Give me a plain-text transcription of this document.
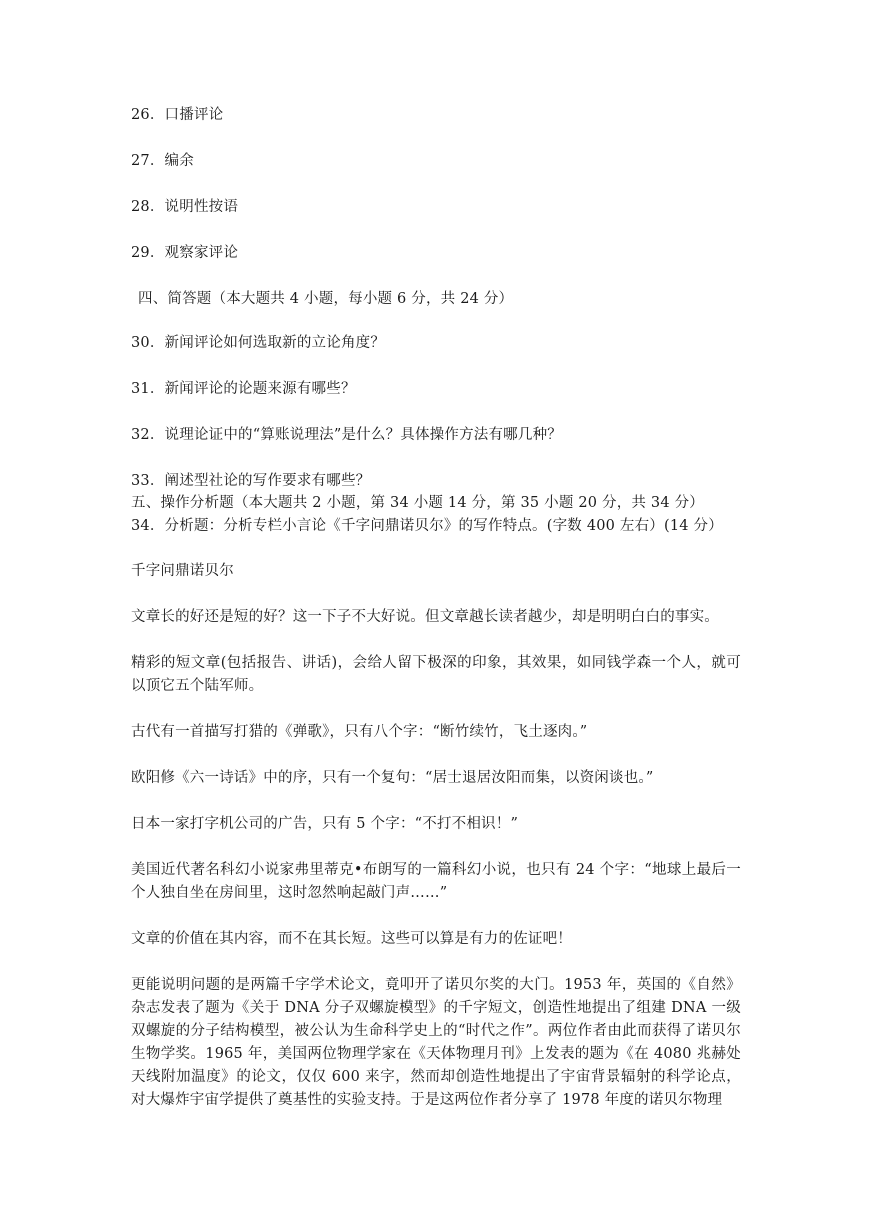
26．口播评论
27．编余
28．说明性按语
29．观察家评论
四、简答题（本大题共 4 小题，每小题 6 分，共 24 分）
30．新闻评论如何选取新的立论角度？
31．新闻评论的论题来源有哪些？
32．说理论证中的“算账说理法”是什么？具体操作方法有哪几种？
33．阐述型社论的写作要求有哪些？
五、操作分析题（本大题共 2 小题，第 34 小题 14 分，第 35 小题 20 分，共 34 分）
34．分析题：分析专栏小言论《千字问鼎诺贝尔》的写作特点。(字数 400 左右）(14 分）
千字问鼎诺贝尔
文章长的好还是短的好？这一下子不大好说。但文章越长读者越少，却是明明白白的事实。
精彩的短文章(包括报告、讲话)，会给人留下极深的印象，其效果，如同钱学森一个人，就可以顶它五个陆军师。
古代有一首描写打猎的《弹歌》，只有八个字：“断竹续竹，飞土逐肉。”
欧阳修《六一诗话》中的序，只有一个复句：“居士退居汝阳而集，以资闲谈也。”
日本一家打字机公司的广告，只有 5 个字：“不打不相识！”
美国近代著名科幻小说家弗里蒂克•布朗写的一篇科幻小说，也只有 24 个字：“地球上最后一个人独自坐在房间里，这时忽然响起敲门声……”
文章的价值在其内容，而不在其长短。这些可以算是有力的佐证吧！
更能说明问题的是两篇千字学术论文，竟叩开了诺贝尔奖的大门。1953 年，英国的《自然》杂志发表了题为《关于 DNA 分子双螺旋模型》的千字短文，创造性地提出了组建 DNA 一级双螺旋的分子结构模型，被公认为生命科学史上的“时代之作”。两位作者由此而获得了诺贝尔生物学奖。1965 年，美国两位物理学家在《天体物理月刊》上发表的题为《在 4080 兆赫处天线附加温度》的论文，仅仅 600 来字，然而却创造性地提出了宇宙背景辐射的科学论点，对大爆炸宇宙学提供了奠基性的实验支持。于是这两位作者分享了 1978 年度的诺贝尔物理
